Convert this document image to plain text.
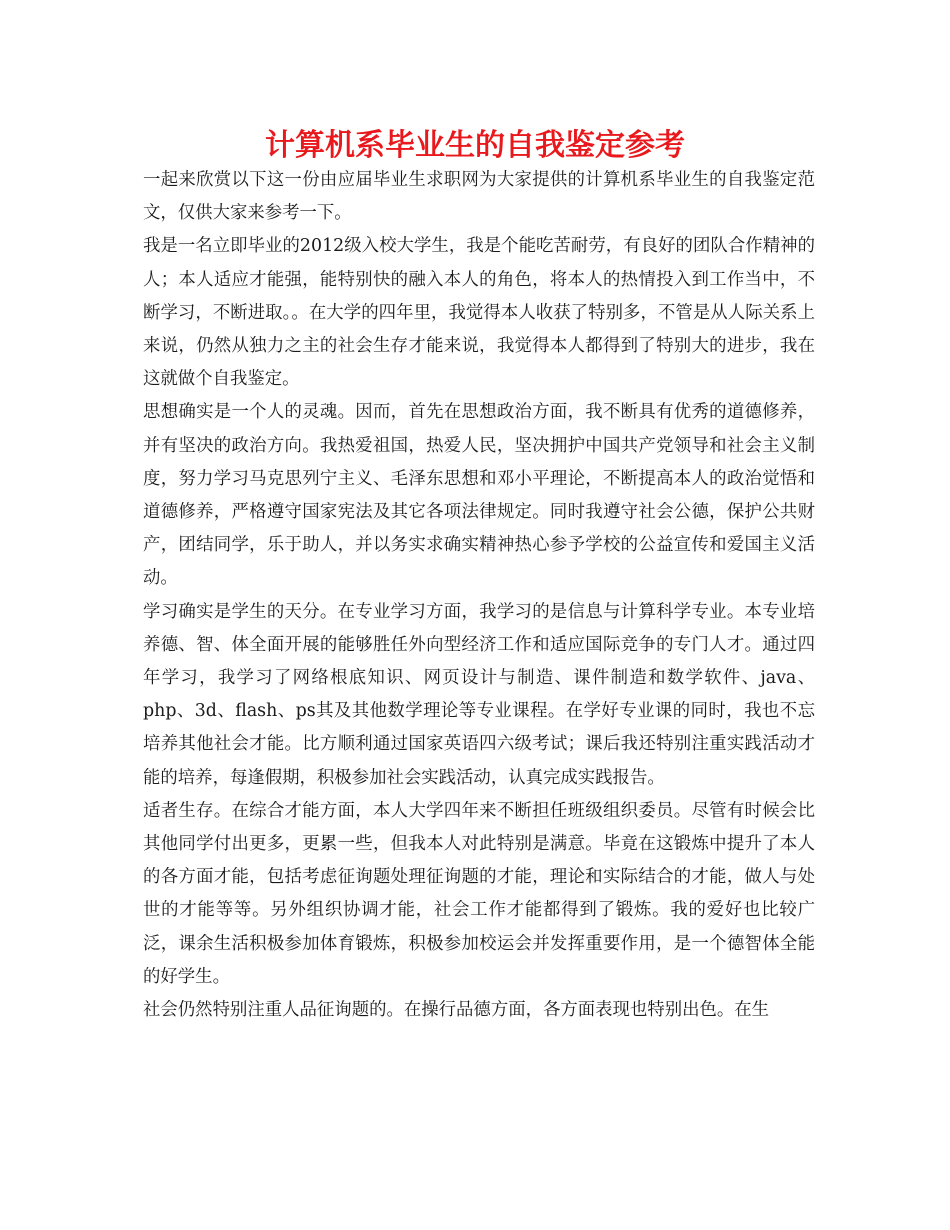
计算机系毕业生的自我鉴定参考

一起来欣赏以下这一份由应届毕业生求职网为大家提供的计算机系毕业生的自我鉴定范文，仅供大家来参考一下。

我是一名立即毕业的2012级入校大学生，我是个能吃苦耐劳，有良好的团队合作精神的人；本人适应才能强，能特别快的融入本人的角色，将本人的热情投入到工作当中，不断学习，不断进取。。在大学的四年里，我觉得本人收获了特别多，不管是从人际关系上来说，仍然从独力之主的社会生存才能来说，我觉得本人都得到了特别大的进步，我在这就做个自我鉴定。

思想确实是一个人的灵魂。因而，首先在思想政治方面，我不断具有优秀的道德修养，并有坚决的政治方向。我热爱祖国，热爱人民，坚决拥护中国共产党领导和社会主义制度，努力学习马克思列宁主义、毛泽东思想和邓小平理论，不断提高本人的政治觉悟和道德修养，严格遵守国家宪法及其它各项法律规定。同时我遵守社会公德，保护公共财产，团结同学，乐于助人，并以务实求确实精神热心参予学校的公益宣传和爱国主义活动。

学习确实是学生的天分。在专业学习方面，我学习的是信息与计算科学专业。本专业培养德、智、体全面开展的能够胜任外向型经济工作和适应国际竞争的专门人才。通过四年学习，我学习了网络根底知识、网页设计与制造、课件制造和数学软件、java、php、3d、flash、ps其及其他数学理论等专业课程。在学好专业课的同时，我也不忘培养其他社会才能。比方顺利通过国家英语四六级考试；课后我还特别注重实践活动才能的培养，每逢假期，积极参加社会实践活动，认真完成实践报告。

适者生存。在综合才能方面，本人大学四年来不断担任班级组织委员。尽管有时候会比其他同学付出更多，更累一些，但我本人对此特别是满意。毕竟在这锻炼中提升了本人的各方面才能，包括考虑征询题处理征询题的才能，理论和实际结合的才能，做人与处世的才能等等。另外组织协调才能，社会工作才能都得到了锻炼。我的爱好也比较广泛，课余生活积极参加体育锻炼，积极参加校运会并发挥重要作用，是一个德智体全能的好学生。

社会仍然特别注重人品征询题的。在操行品德方面，各方面表现也特别出色。在生
